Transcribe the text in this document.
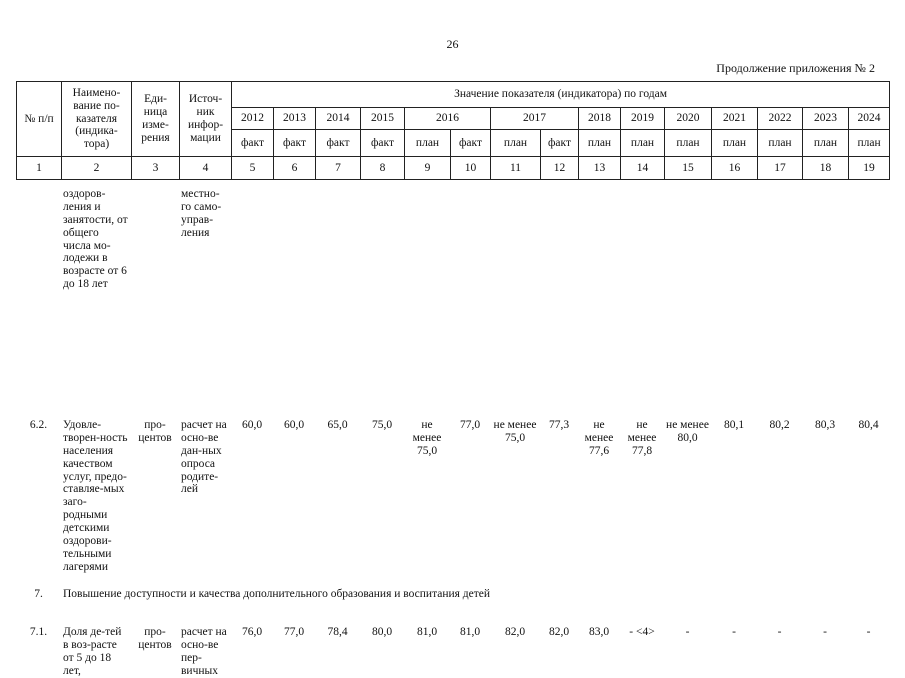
26
Продолжение приложения № 2
№ п/п	Наимено-вание по-казателя (индика-тора)	Еди-ница изме-рения	Источ-ник инфор-мации	Значение показателя (индикатора) по годам														
				2012	2013	2014	2015	2016		2017		2018	2019	2020	2021	2022	2023	2024
				факт	факт	факт	факт	план	факт	план	факт	план	план	план	план	план	план	план
1	2	3	4	5	6	7	8	9	10	11	12	13	14	15	16	17	18	19
	оздоров-ления и занятости, от общего числа мо-лодежи в возрасте от 6 до 18 лет		местно-го само-управ-ления															
6.2.	Удовле-творен-ность населения качеством услуг, предо-ставляе-мых заго-родными детскими оздорови-тельными лагерями	про-центов	расчет на осно-ве дан-ных опроса родите-лей	60,0	60,0	65,0	75,0	не менее 75,0	77,0	не менее 75,0	77,3	не менее 77,6	не менее 77,8	не менее 80,0	80,1	80,2	80,3	80,4
7.	Повышение доступности и качества дополнительного образования и воспитания детей																	
7.1.	Доля де-тей в воз-расте от 5 до 18 лет,	про-центов	расчет на осно-ве пер-вичных	76,0	77,0	78,4	80,0	81,0	81,0	82,0	82,0	83,0	- <4>	-	-	-	-	-
